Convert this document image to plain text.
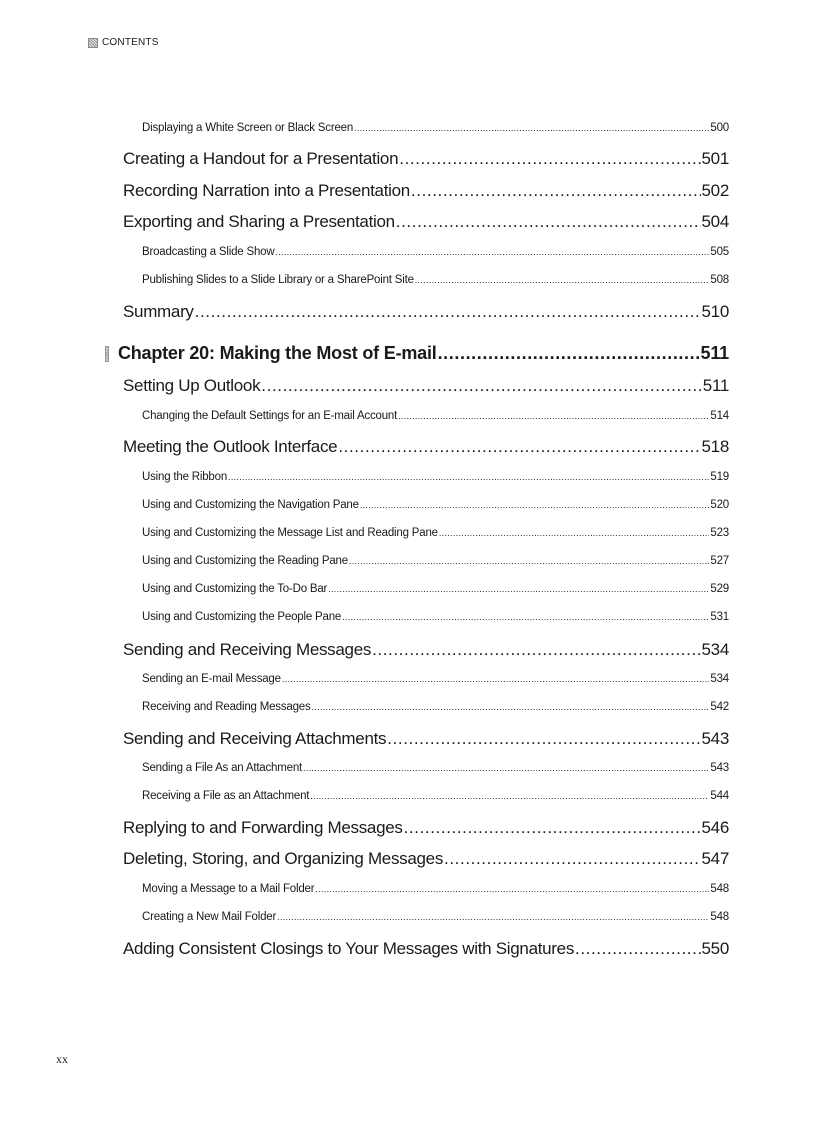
CONTENTS
Displaying a White Screen or Black Screen .....	500
Creating a Handout for a Presentation .....	501
Recording Narration into a Presentation .....	502
Exporting and Sharing a Presentation .....	504
Broadcasting a Slide Show .....	505
Publishing Slides to a Slide Library or a SharePoint Site .....	508
Summary .....	510
Chapter 20: Making the Most of E-mail .....	511
Setting Up Outlook .....	511
Changing the Default Settings for an E-mail Account .....	514
Meeting the Outlook Interface .....	518
Using the Ribbon .....	519
Using and Customizing the Navigation Pane .....	520
Using and Customizing the Message List and Reading Pane .....	523
Using and Customizing the Reading Pane .....	527
Using and Customizing the To-Do Bar .....	529
Using and Customizing the People Pane .....	531
Sending and Receiving Messages .....	534
Sending an E-mail Message .....	534
Receiving and Reading Messages .....	542
Sending and Receiving Attachments .....	543
Sending a File As an Attachment .....	543
Receiving a File as an Attachment .....	544
Replying to and Forwarding Messages .....	546
Deleting, Storing, and Organizing Messages .....	547
Moving a Message to a Mail Folder .....	548
Creating a New Mail Folder .....	548
Adding Consistent Closings to Your Messages with Signatures .....	550
xx
